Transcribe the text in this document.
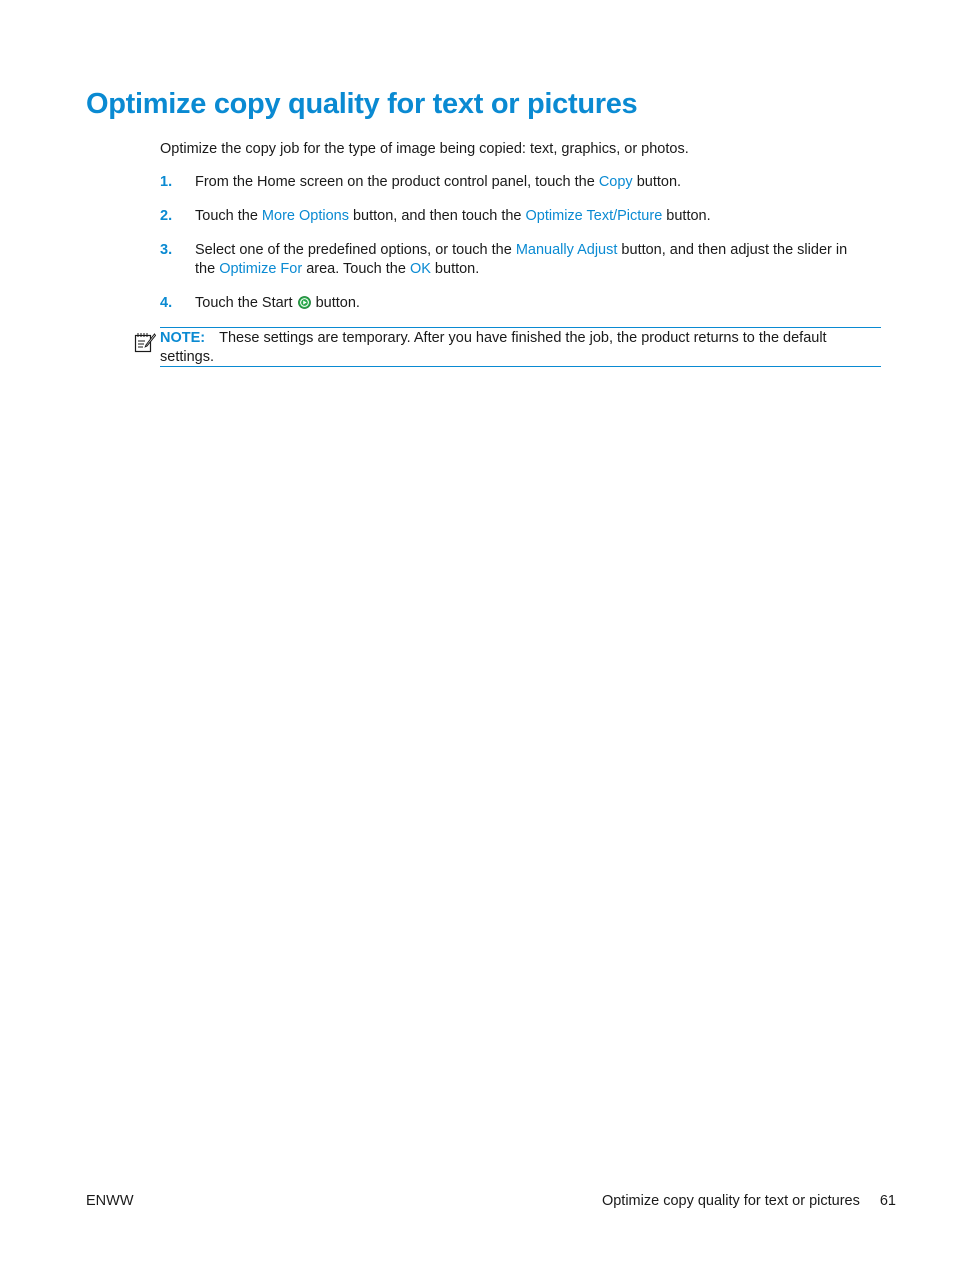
Optimize copy quality for text or pictures

Optimize the copy job for the type of image being copied: text, graphics, or photos.

1. From the Home screen on the product control panel, touch the Copy button.
2. Touch the More Options button, and then touch the Optimize Text/Picture button.
3. Select one of the predefined options, or touch the Manually Adjust button, and then adjust the slider in
the Optimize For area. Touch the OK button.
4. Touch the Start  button.
NOTE: These settings are temporary. After you have finished the job, the product returns to the default settings.
ENWW	Optimize copy quality for text or pictures 61
